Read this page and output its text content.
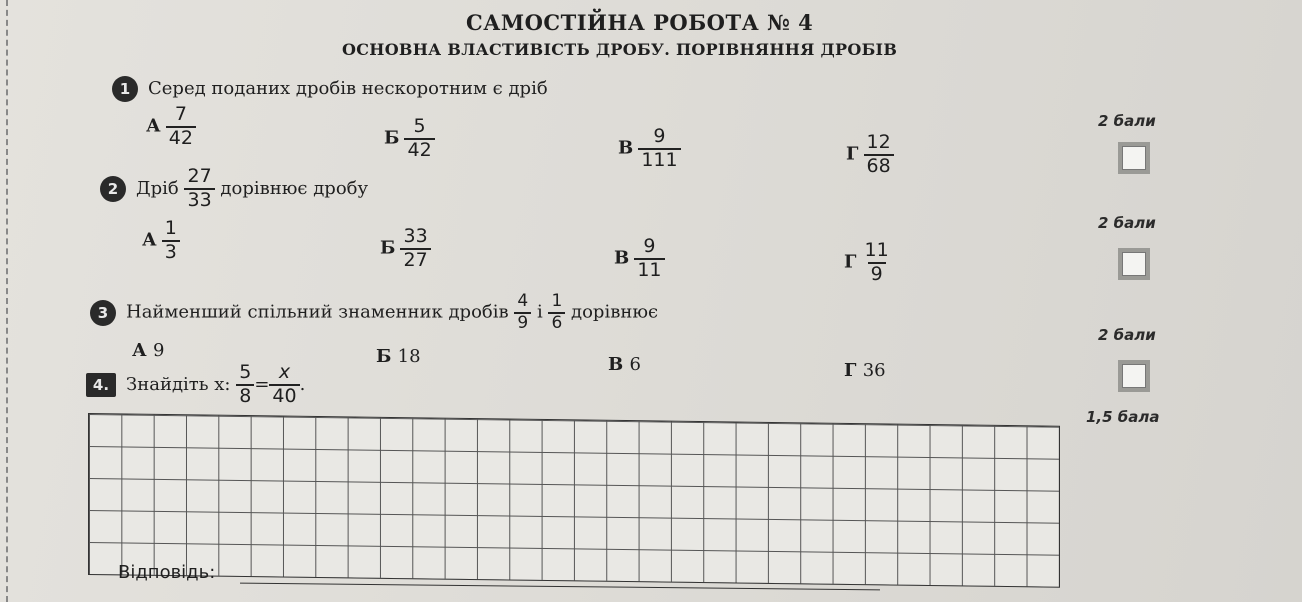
САМОСТІЙНА РОБОТА № 4
ОСНОВНА ВЛАСТИВІСТЬ ДРОБУ. ПОРІВНЯННЯ ДРОБІВ
1 Серед поданих дробів нескоротним є дріб
2 бали
А $\frac{7}{42}$	Б $\frac{5}{42}$	В $\frac{9}{111}$	Г $\frac{12}{68}$
2 Дріб $\frac{27}{33}$ дорівнює дробу
2 бали
А $\frac{1}{3}$	Б $\frac{33}{27}$	В $\frac{9}{11}$	Г $\frac{11}{9}$
3 Найменший спільний знаменник дробів $\frac{4}{9}$ і $\frac{1}{6}$ дорівнює
2 бали
А 9	Б 18	В 6	Г 36
4. Знайдіть x: $\frac{5}{8} = \frac{x}{40}$ .
1,5 бала
Відповідь:
